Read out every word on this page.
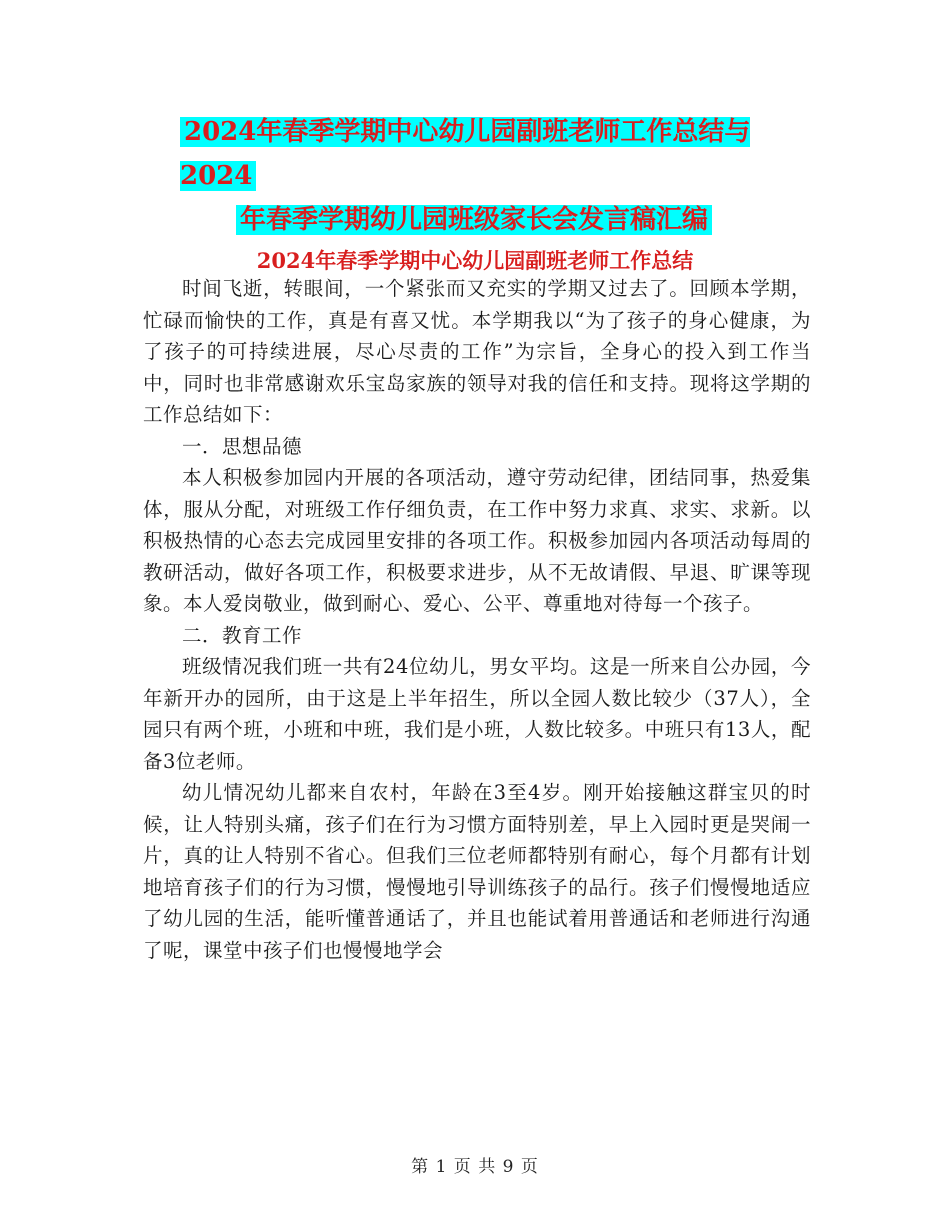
2024年春季学期中心幼儿园副班老师工作总结与2024
年春季学期幼儿园班级家长会发言稿汇编
2024年春季学期中心幼儿园副班老师工作总结

时间飞逝，转眼间，一个紧张而又充实的学期又过去了。回顾本学期，忙碌而愉快的工作，真是有喜又忧。本学期我以“为了孩子的身心健康，为了孩子的可持续进展，尽心尽责的工作”为宗旨，全身心的投入到工作当中，同时也非常感谢欢乐宝岛家族的领导对我的信任和支持。现将这学期的工作总结如下：

一．思想品德

本人积极参加园内开展的各项活动，遵守劳动纪律，团结同事，热爱集体，服从分配，对班级工作仔细负责，在工作中努力求真、求实、求新。以积极热情的心态去完成园里安排的各项工作。积极参加园内各项活动每周的教研活动，做好各项工作，积极要求进步，从不无故请假、早退、旷课等现象。本人爱岗敬业，做到耐心、爱心、公平、尊重地对待每一个孩子。

二．教育工作

班级情况我们班一共有24位幼儿，男女平均。这是一所来自公办园，今年新开办的园所，由于这是上半年招生，所以全园人数比较少（37人），全园只有两个班，小班和中班，我们是小班，人数比较多。中班只有13人，配备3位老师。

幼儿情况幼儿都来自农村，年龄在3至4岁。刚开始接触这群宝贝的时候，让人特别头痛，孩子们在行为习惯方面特别差，早上入园时更是哭闹一片，真的让人特别不省心。但我们三位老师都特别有耐心，每个月都有计划地培育孩子们的行为习惯，慢慢地引导训练孩子的品行。孩子们慢慢地适应了幼儿园的生活，能听懂普通话了，并且也能试着用普通话和老师进行沟通了呢，课堂中孩子们也慢慢地学会

第 1 页 共 9 页
